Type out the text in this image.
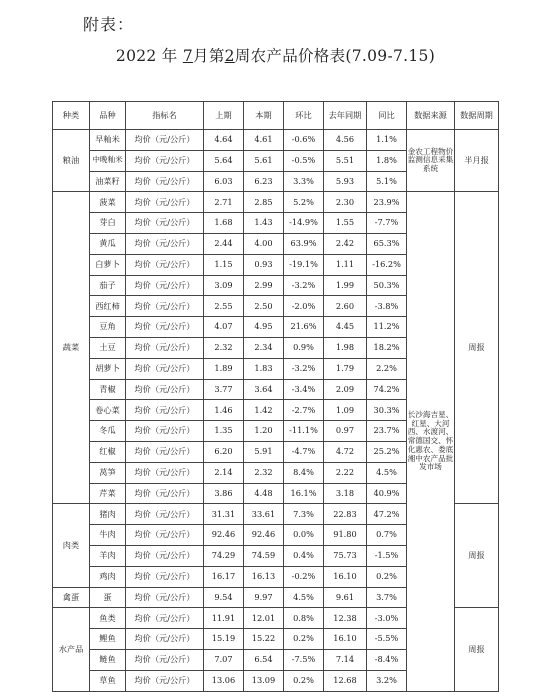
附表：
2022 年 7月第2周农产品价格表(7.09-7.15)
种类	品种	指标名	上期	本期	环比	去年同期	同比	数据来源	数据周期
粮油	早籼米	均价（元/公斤）	4.64	4.61	-0.6%	4.56	1.1%	金农工程物价监测信息采集系统	半月报
	中晚籼米	均价（元/公斤）	5.64	5.61	-0.5%	5.51	1.8%		
	油菜籽	均价（元/公斤）	6.03	6.23	3.3%	5.93	5.1%		
蔬菜	菠菜	均价（元/公斤）	2.71	2.85	5.2%	2.30	23.9%	长沙海吉星、红星、大河西、水渡河、常德国交、怀化惠农、娄底湘中农产品批发市场	周报
	芽白	均价（元/公斤）	1.68	1.43	-14.9%	1.55	-7.7%		
	黄瓜	均价（元/公斤）	2.44	4.00	63.9%	2.42	65.3%		
	白萝卜	均价（元/公斤）	1.15	0.93	-19.1%	1.11	-16.2%		
	茄子	均价（元/公斤）	3.09	2.99	-3.2%	1.99	50.3%		
	西红柿	均价（元/公斤）	2.55	2.50	-2.0%	2.60	-3.8%		
	豆角	均价（元/公斤）	4.07	4.95	21.6%	4.45	11.2%		
	土豆	均价（元/公斤）	2.32	2.34	0.9%	1.98	18.2%		
	胡萝卜	均价（元/公斤）	1.89	1.83	-3.2%	1.79	2.2%		
	青椒	均价（元/公斤）	3.77	3.64	-3.4%	2.09	74.2%		
	卷心菜	均价（元/公斤）	1.46	1.42	-2.7%	1.09	30.3%		
	冬瓜	均价（元/公斤）	1.35	1.20	-11.1%	0.97	23.7%		
	红椒	均价（元/公斤）	6.20	5.91	-4.7%	4.72	25.2%		
	莴笋	均价（元/公斤）	2.14	2.32	8.4%	2.22	4.5%		
	芹菜	均价（元/公斤）	3.86	4.48	16.1%	3.18	40.9%		
肉类	猪肉	均价（元/公斤）	31.31	33.61	7.3%	22.83	47.2%		周报
	牛肉	均价（元/公斤）	92.46	92.46	0.0%	91.80	0.7%		
	羊肉	均价（元/公斤）	74.29	74.59	0.4%	75.73	-1.5%		
	鸡肉	均价（元/公斤）	16.17	16.13	-0.2%	16.10	0.2%		
禽蛋	蛋	均价（元/公斤）	9.54	9.97	4.5%	9.61	3.7%		
水产品	鱼类	均价（元/公斤）	11.91	12.01	0.8%	12.38	-3.0%		周报
	鲤鱼	均价（元/公斤）	15.19	15.22	0.2%	16.10	-5.5%		
	鲢鱼	均价（元/公斤）	7.07	6.54	-7.5%	7.14	-8.4%		
	草鱼	均价（元/公斤）	13.06	13.09	0.2%	12.68	3.2%		
